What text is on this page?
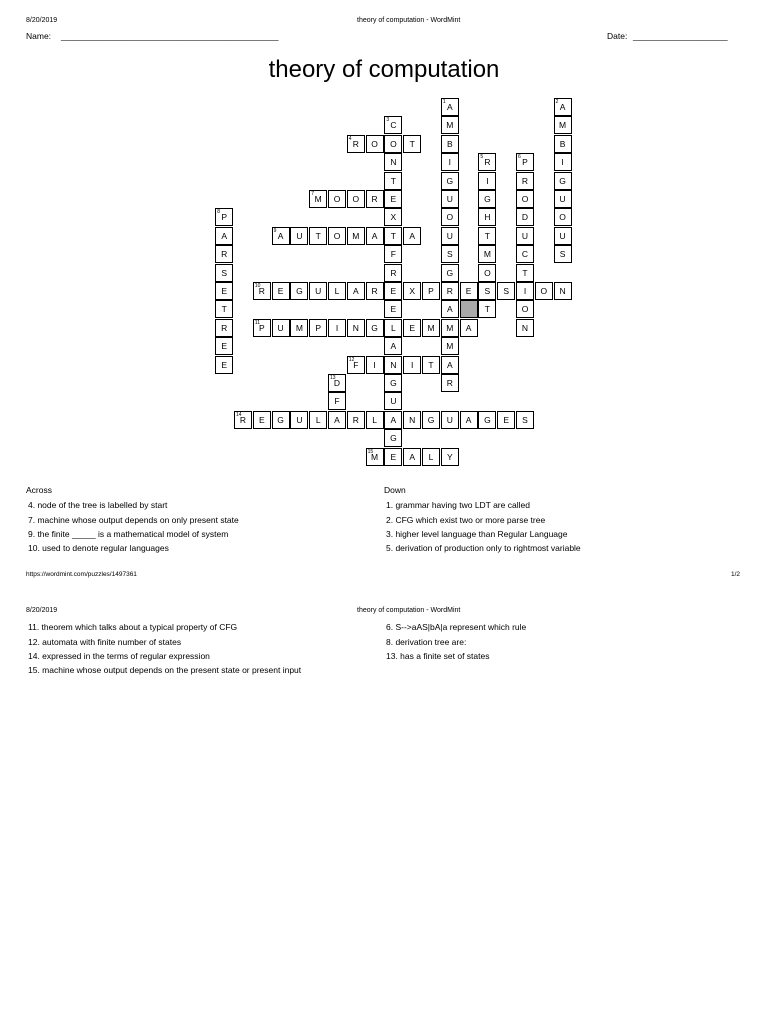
8/20/2019	theory of computation - WordMint
Name: ______________________________________________	Date: ____________________
theory of computation
4 R	O	O	T
7 M	O	O	R	E
9 A	U	T	O	M	A	T	A
10
R	E	G	U	L	A	R	E	X	P	R	E	S	S	I	O	N
11
P	U	M	P	I	N	G	L	E	M	M	A
12
F	I	N	I	T	A
14
R	E	G	U	L	A	R	L	A	N	G	U	A	G	E	S
15
M	E	A	L	Y
1 A
M
B
I
G
U
O
U
S
G
A
M
R
2 A
M
B
I
G
U
O
U
S
3 C
N
T
X
F
R
E
A
G
U
G
5 R
I
G
H
T
M
O
T
6 P
R
O
D
U
C
T
O
N
8 P
A
R
S
E
T
R
E
E
13
D
F
Across	Down
4. node of the tree is labelled by start
7. machine whose output depends on only present state
9. the finite _____ is a mathematical model of system
10. used to denote regular languages
1. grammar having two LDT are called
2. CFG which exist two or more parse tree
3. higher level language than Regular Language
5. derivation of production only to rightmost variable
https://wordmint.com/puzzles/1497361	1/2
8/20/2019	theory of computation - WordMint
11. theorem which talks about a typical property of CFG
12. automata with finite number of states
14. expressed in the terms of regular expression
15. machine whose output depends on the present state or present input
6. S-->aAS|bA|a represent which rule
8. derivation tree are:
13. has a finite set of states
